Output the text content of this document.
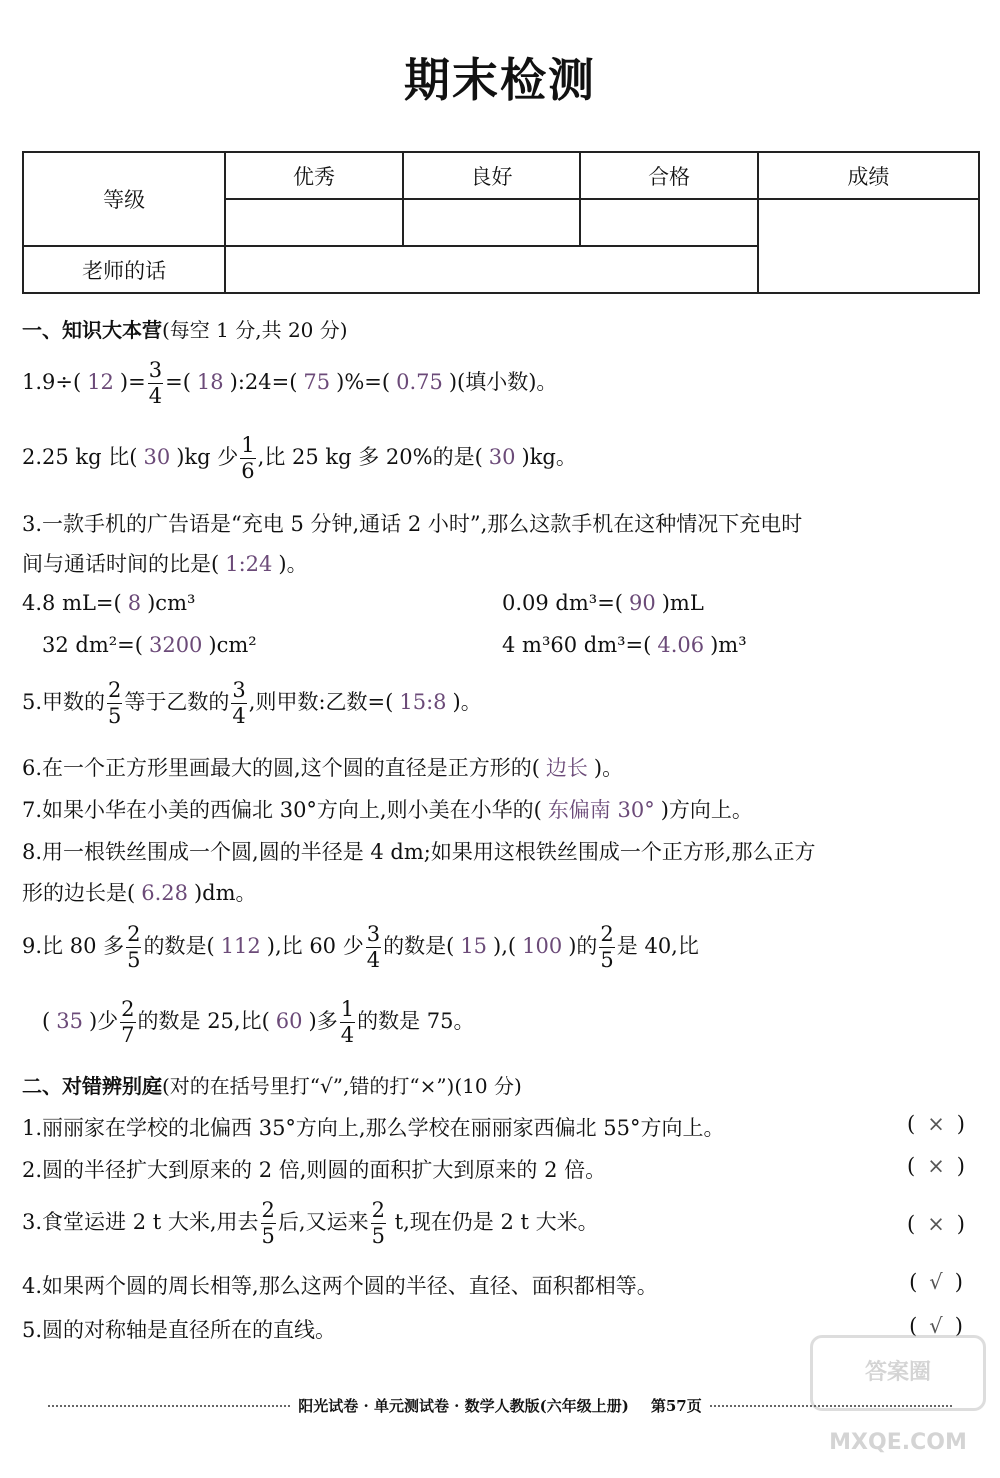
期末检测
等级	优秀	良好	合格	成绩

老师的话				
一、知识大本营(每空 1 分,共 20 分)
1.9÷( 12 )= $\frac{3}{4}$ =( 18 ):24=( 75 )%=( 0.75 )(填小数)。
2.25 kg 比( 30 )kg 少 $\frac{1}{6}$ ,比 25 kg 多 20%的是( 30 )kg。
3.一款手机的广告语是“充电 5 分钟,通话 2 小时”,那么这款手机在这种情况下充电时
间与通话时间的比是( 1:24 )。
4.8 mL=( 8 )cm³	0.09 dm³=( 90 )mL
32 dm²=( 3200 )cm²	4 m³60 dm³=( 4.06 )m³
5.甲数的 $\frac{2}{5}$ 等于乙数的 $\frac{3}{4}$ ,则甲数:乙数=( 15:8 )。
6.在一个正方形里画最大的圆,这个圆的直径是正方形的( 边长 )。
7.如果小华在小美的西偏北 30°方向上,则小美在小华的( 东偏南 30° )方向上。
8.用一根铁丝围成一个圆,圆的半径是 4 dm;如果用这根铁丝围成一个正方形,那么正方
形的边长是( 6.28 )dm。
9.比 80 多 $\frac{2}{5}$ 的数是( 112 ),比 60 少 $\frac{3}{4}$ 的数是( 15 ),( 100 )的 $\frac{2}{5}$ 是 40,比
( 35 )少 $\frac{2}{7}$ 的数是 25,比( 60 )多 $\frac{1}{4}$ 的数是 75。
二、对错辨别庭(对的在括号里打“√”,错的打“×”)(10 分)
1.丽丽家在学校的北偏西 35°方向上,那么学校在丽丽家西偏北 55°方向上。	( × )
2.圆的半径扩大到原来的 2 倍,则圆的面积扩大到原来的 2 倍。	( × )
3.食堂运进 2 t 大米,用去 $\frac{2}{5}$ 后,又运来 $\frac{2}{5} t$,现在仍是 2 t 大米。	( × )
4.如果两个圆的周长相等,那么这两个圆的半径、直径、面积都相等。	( √ )
5.圆的对称轴是直径所在的直线。	( √ )
答案圈 MXQE.COM
阳光试卷 · 单元测试卷 · 数学人教版(六年级上册) 第57页
